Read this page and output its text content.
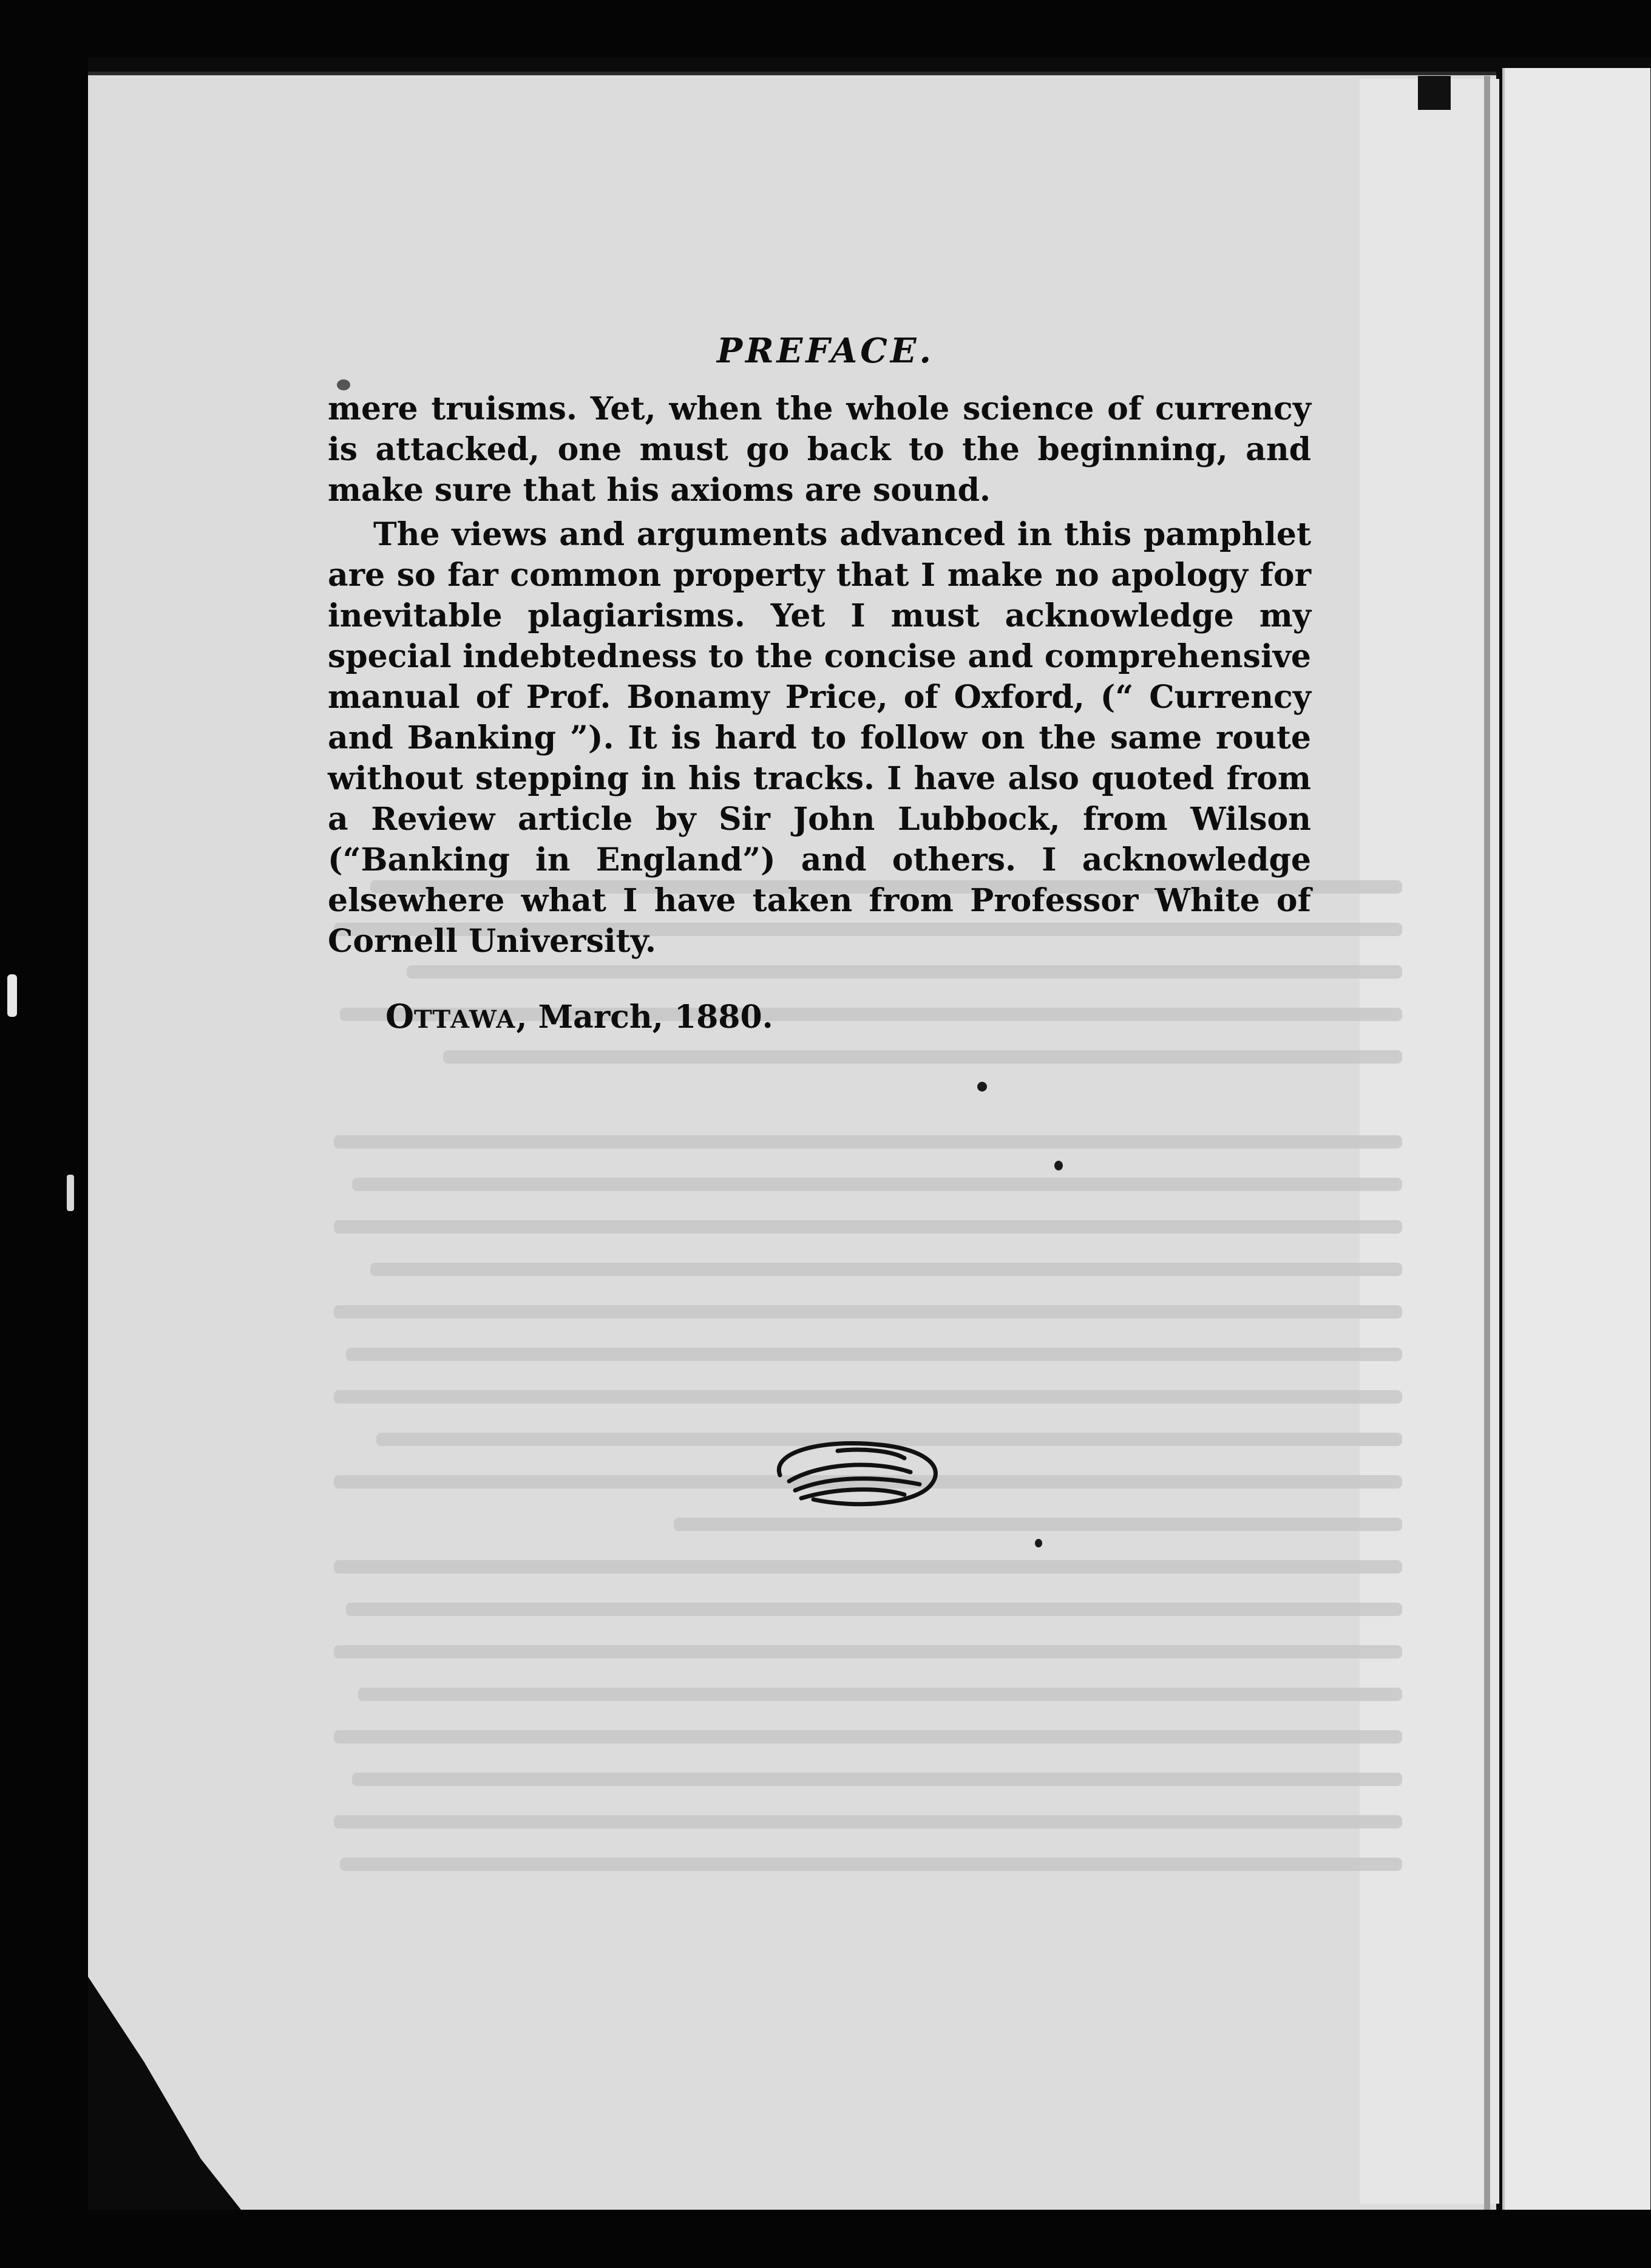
PREFACE.

mere truisms. Yet, when the whole science of currency is attacked, one must go back to the beginning, and make sure that his axioms are sound.

The views and arguments advanced in this pamphlet are so far common property that I make no apology for inevitable plagiarisms. Yet I must acknowledge my special indebtedness to the concise and comprehensive manual of Prof. Bonamy Price, of Oxford, (“ Currency and Banking ”). It is hard to follow on the same route without stepping in his tracks. I have also quoted from a Review article by Sir John Lubbock, from Wilson (“Banking in England”) and others. I acknowledge elsewhere what I have taken from Professor White of Cornell University.

OTTAWA, March, 1880.
